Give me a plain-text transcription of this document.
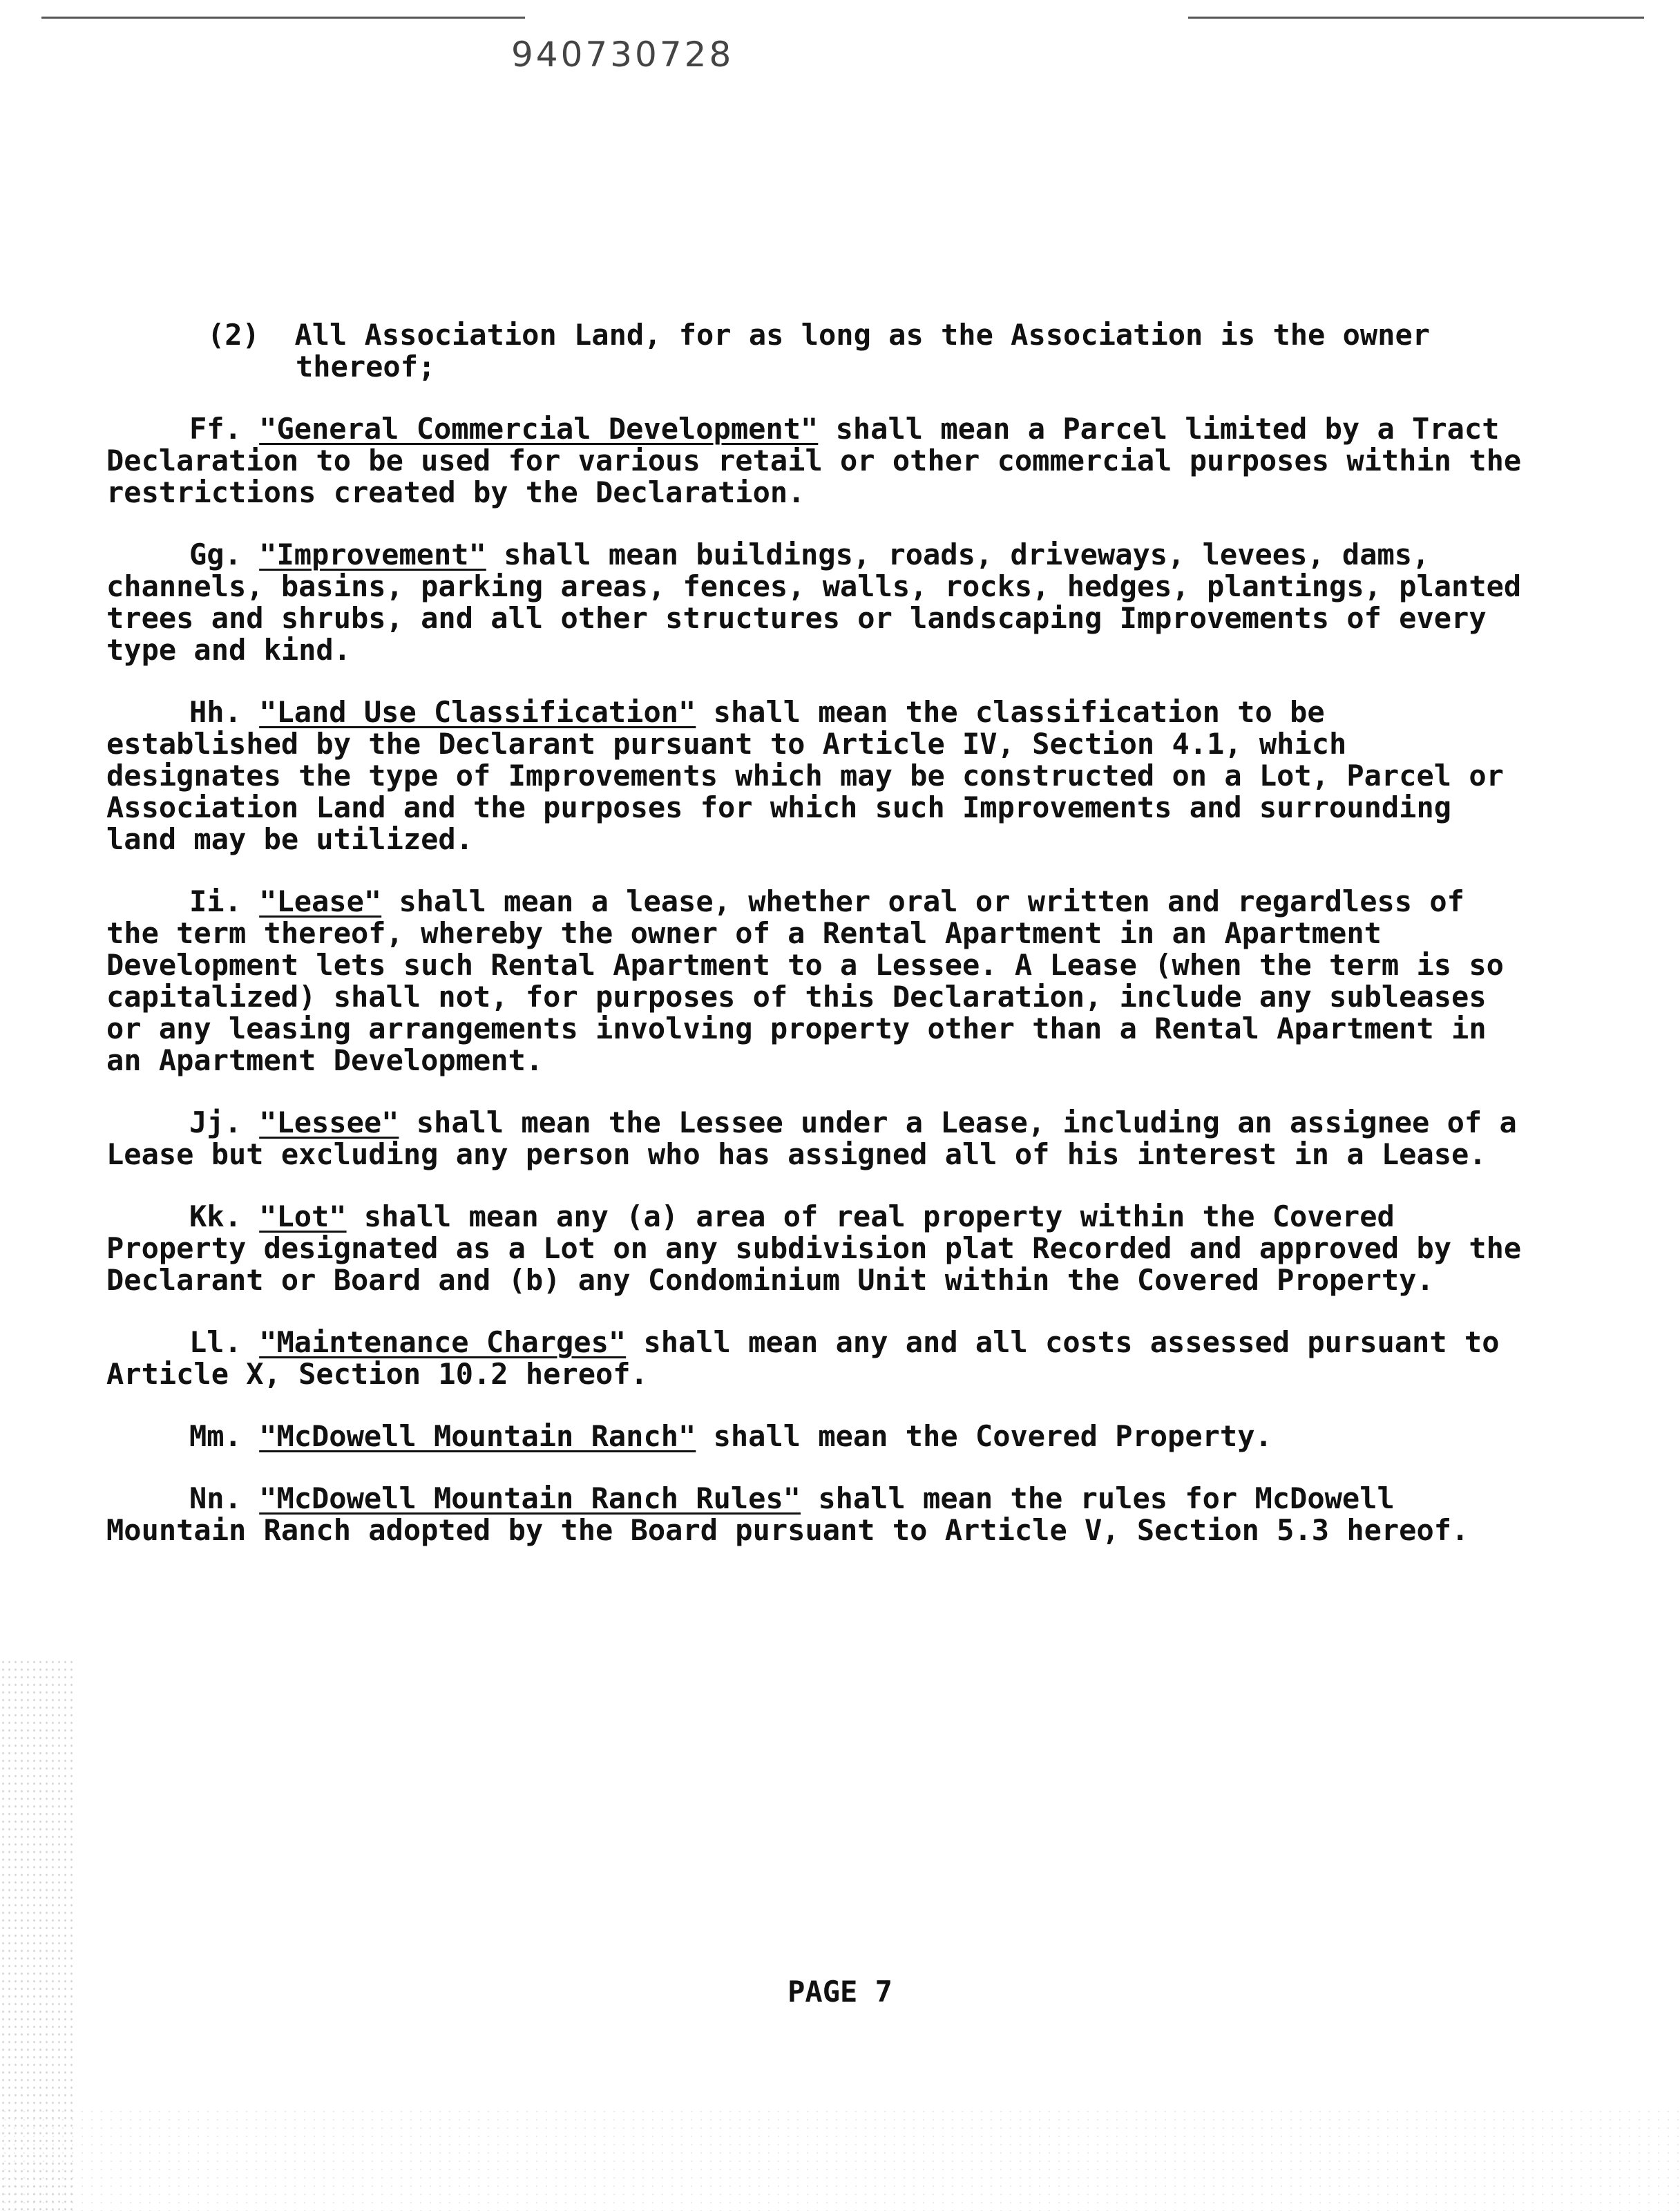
940730728

(2) All Association Land, for as long as the Association is the owner thereof;

Ff. "General Commercial Development" shall mean a Parcel limited by a Tract Declaration to be used for various retail or other commercial purposes within the restrictions created by the Declaration.

Gg. "Improvement" shall mean buildings, roads, driveways, levees, dams, channels, basins, parking areas, fences, walls, rocks, hedges, plantings, planted trees and shrubs, and all other structures or landscaping Improvements of every type and kind.

Hh. "Land Use Classification" shall mean the classification to be established by the Declarant pursuant to Article IV, Section 4.1, which designates the type of Improvements which may be constructed on a Lot, Parcel or Association Land and the purposes for which such Improvements and surrounding land may be utilized.

Ii. "Lease" shall mean a lease, whether oral or written and regardless of the term thereof, whereby the owner of a Rental Apartment in an Apartment Development lets such Rental Apartment to a Lessee. A Lease (when the term is so capitalized) shall not, for purposes of this Declaration, include any subleases or any leasing arrangements involving property other than a Rental Apartment in an Apartment Development.

Jj. "Lessee" shall mean the Lessee under a Lease, including an assignee of a Lease but excluding any person who has assigned all of his interest in a Lease.

Kk. "Lot" shall mean any (a) area of real property within the Covered Property designated as a Lot on any subdivision plat Recorded and approved by the Declarant or Board and (b) any Condominium Unit within the Covered Property.

Ll. "Maintenance Charges" shall mean any and all costs assessed pursuant to Article X, Section 10.2 hereof.

Mm. "McDowell Mountain Ranch" shall mean the Covered Property.

Nn. "McDowell Mountain Ranch Rules" shall mean the rules for McDowell Mountain Ranch adopted by the Board pursuant to Article V, Section 5.3 hereof.

PAGE 7
